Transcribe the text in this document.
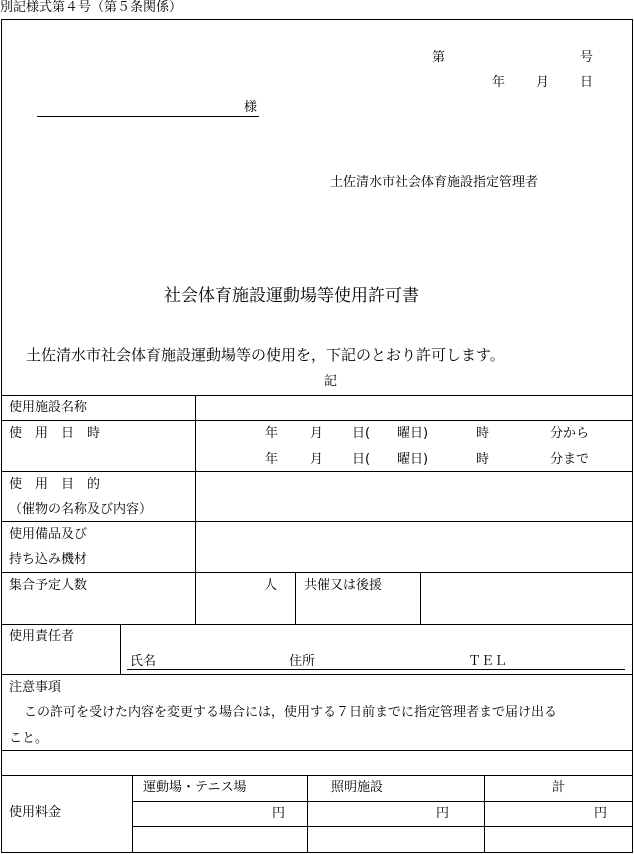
別記様式第４号（第５条関係）
第	号
年 月 日
様
土佐清水市社会体育施設指定管理者
社会体育施設運動場等使用許可書
土佐清水市社会体育施設運動場等の使用を，下記のとおり許可します。
記
使用施設名称
使　用　日　時	年 月 日( 曜日)	時	分から
年 月 日( 曜日)	時	分まで
使　用　目　的
（催物の名称及び内容）
使用備品及び
持ち込み機材
集合予定人数	人 共催又は後援
使用責任者
氏名	住所	ＴＥＬ
注意事項
この許可を受けた内容を変更する場合には，使用する７日前までに指定管理者まで届け出る
こと。
使用料金
運動場・テニス場	照明施設	計
円	円	円
